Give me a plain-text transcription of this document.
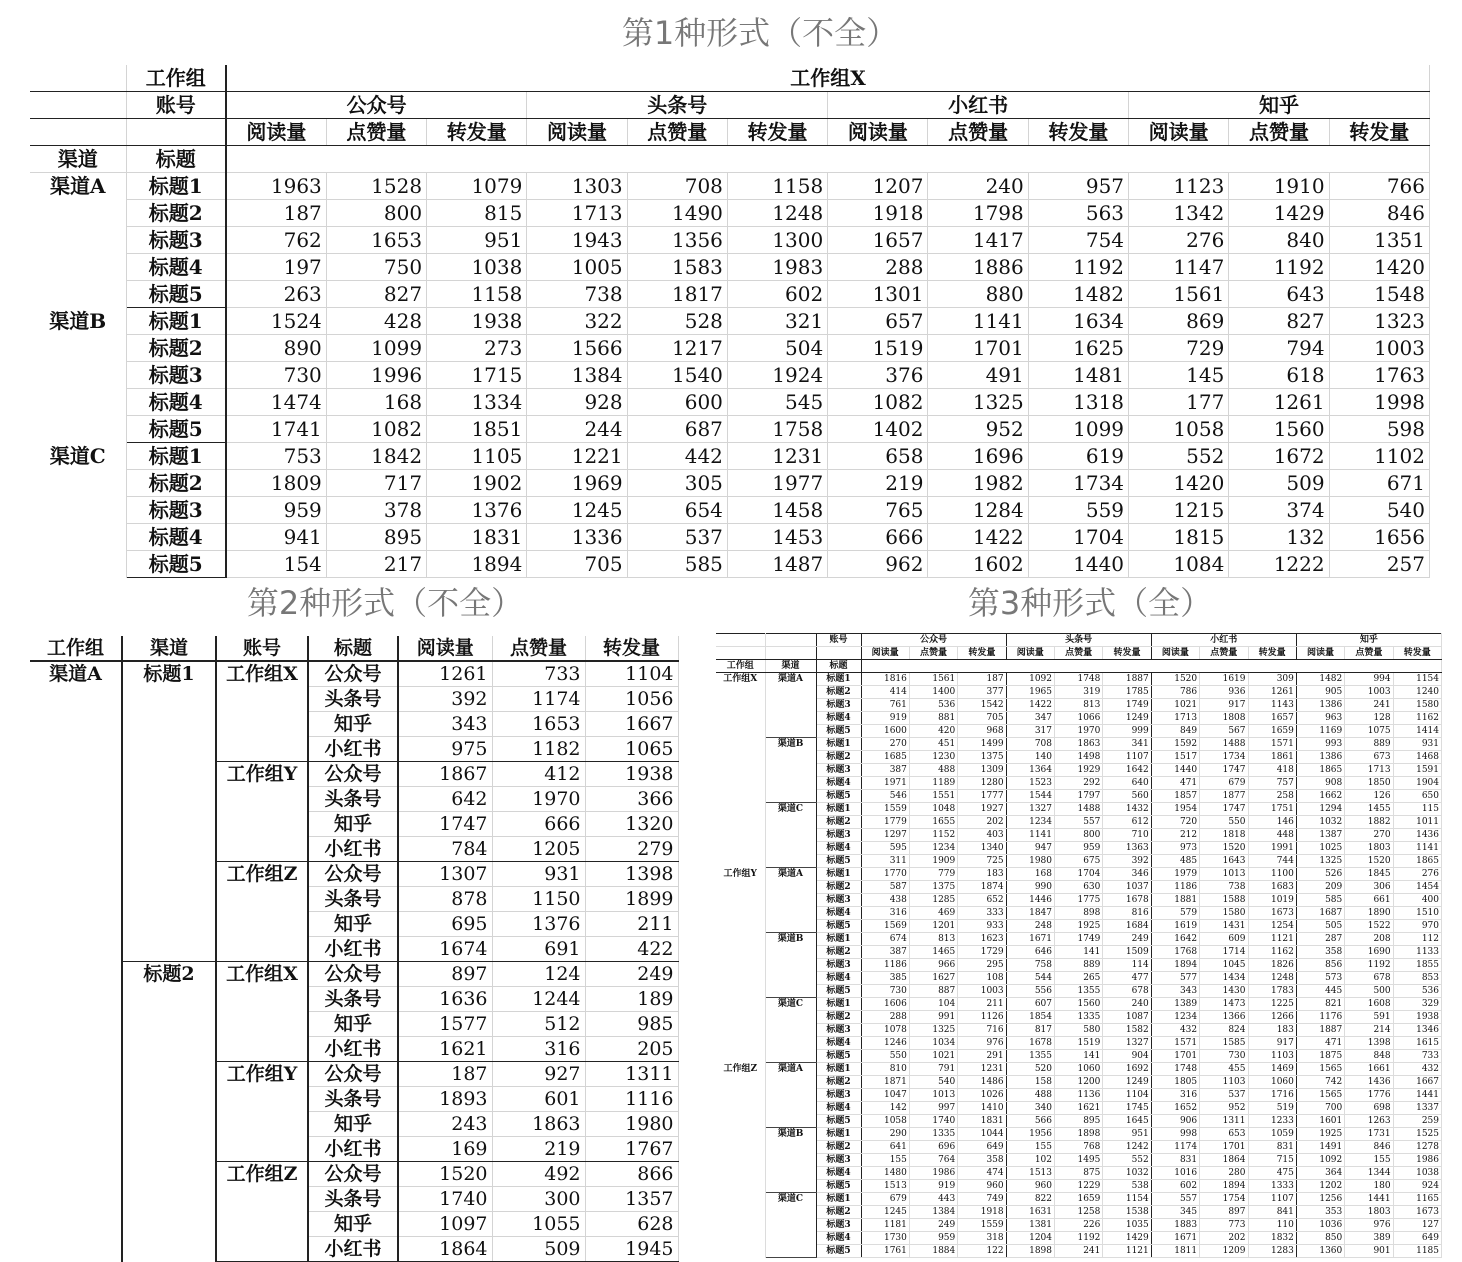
第1种形式（不全）
第2种形式（不全）	第3种形式（全）
	工作组	工作组X											
	账号	公众号			头条号			小红书			知乎		
		阅读量	点赞量	转发量	阅读量	点赞量	转发量	阅读量	点赞量	转发量	阅读量	点赞量	转发量
渠道	标题												
渠道A	标题1	1963	1528	1079	1303	708	1158	1207	240	957	1123	1910	766
	标题2	187	800	815	1713	1490	1248	1918	1798	563	1342	1429	846
	标题3	762	1653	951	1943	1356	1300	1657	1417	754	276	840	1351
	标题4	197	750	1038	1005	1583	1983	288	1886	1192	1147	1192	1420
	标题5	263	827	1158	738	1817	602	1301	880	1482	1561	643	1548
渠道B	标题1	1524	428	1938	322	528	321	657	1141	1634	869	827	1323
	标题2	890	1099	273	1566	1217	504	1519	1701	1625	729	794	1003
	标题3	730	1996	1715	1384	1540	1924	376	491	1481	145	618	1763
	标题4	1474	168	1334	928	600	545	1082	1325	1318	177	1261	1998
	标题5	1741	1082	1851	244	687	1758	1402	952	1099	1058	1560	598
渠道C	标题1	753	1842	1105	1221	442	1231	658	1696	619	552	1672	1102
	标题2	1809	717	1902	1969	305	1977	219	1982	1734	1420	509	671
	标题3	959	378	1376	1245	654	1458	765	1284	559	1215	374	540
	标题4	941	895	1831	1336	537	1453	666	1422	1704	1815	132	1656
	标题5	154	217	1894	705	585	1487	962	1602	1440	1084	1222	257
工作组	渠道	账号	标题	阅读量	点赞量	转发量
渠道A	标题1	工作组X	公众号	1261	733	1104
			头条号	392	1174	1056
			知乎	343	1653	1667
			小红书	975	1182	1065
		工作组Y	公众号	1867	412	1938
			头条号	642	1970	366
			知乎	1747	666	1320
			小红书	784	1205	279
		工作组Z	公众号	1307	931	1398
			头条号	878	1150	1899
			知乎	695	1376	211
			小红书	1674	691	422
	标题2	工作组X	公众号	897	124	249
			头条号	1636	1244	189
			知乎	1577	512	985
			小红书	1621	316	205
		工作组Y	公众号	187	927	1311
			头条号	1893	601	1116
			知乎	243	1863	1980
			小红书	169	219	1767
		工作组Z	公众号	1520	492	866
			头条号	1740	300	1357
			知乎	1097	1055	628
			小红书	1864	509	1945
		账号	公众号			头条号			小红书			知乎		
			阅读量	点赞量	转发量	阅读量	点赞量	转发量	阅读量	点赞量	转发量	阅读量	点赞量	转发量
工作组	渠道	标题												
工作组X	渠道A	标题1	1816	1561	187	1092	1748	1887	1520	1619	309	1482	994	1154
		标题2	414	1400	377	1965	319	1785	786	936	1261	905	1003	1240
		标题3	761	536	1542	1422	813	1749	1021	917	1143	1386	241	1580
		标题4	919	881	705	347	1066	1249	1713	1808	1657	963	128	1162
		标题5	1600	420	968	317	1970	999	849	567	1659	1169	1075	1414
	渠道B	标题1	270	451	1499	708	1863	341	1592	1488	1571	993	889	931
		标题2	1685	1230	1375	140	1498	1107	1517	1734	1861	1386	673	1468
		标题3	387	488	1309	1364	1929	1642	1440	1747	418	1865	1713	1591
		标题4	1971	1189	1280	1523	292	640	471	679	757	908	1850	1904
		标题5	546	1551	1777	1544	1797	560	1857	1877	258	1662	126	650
	渠道C	标题1	1559	1048	1927	1327	1488	1432	1954	1747	1751	1294	1455	115
		标题2	1779	1655	202	1234	557	612	720	550	146	1032	1882	1011
		标题3	1297	1152	403	1141	800	710	212	1818	448	1387	270	1436
		标题4	595	1234	1340	947	959	1363	973	1520	1991	1025	1803	1141
		标题5	311	1909	725	1980	675	392	485	1643	744	1325	1520	1865
工作组Y	渠道A	标题1	1770	779	183	168	1704	346	1979	1013	1100	526	1845	276
		标题2	587	1375	1874	990	630	1037	1186	738	1683	209	306	1454
		标题3	438	1285	652	1446	1775	1678	1881	1588	1019	585	661	400
		标题4	316	469	333	1847	898	816	579	1580	1673	1687	1890	1510
		标题5	1569	1201	933	248	1925	1684	1619	1431	1254	505	1522	970
	渠道B	标题1	674	813	1623	1671	1749	249	1642	609	1121	287	208	112
		标题2	387	1465	1729	646	141	1509	1768	1714	1162	358	1690	1133
		标题3	1186	966	295	758	889	114	1894	1045	1826	856	1192	1855
		标题4	385	1627	108	544	265	477	577	1434	1248	573	678	853
		标题5	730	887	1003	556	1355	678	343	1430	1783	445	500	536
	渠道C	标题1	1606	104	211	607	1560	240	1389	1473	1225	821	1608	329
		标题2	288	991	1126	1854	1335	1087	1234	1366	1266	1176	591	1938
		标题3	1078	1325	716	817	580	1582	432	824	183	1887	214	1346
		标题4	1246	1034	976	1678	1519	1327	1571	1585	917	471	1398	1615
		标题5	550	1021	291	1355	141	904	1701	730	1103	1875	848	733
工作组Z	渠道A	标题1	810	791	1231	520	1060	1692	1748	455	1469	1565	1661	432
		标题2	1871	540	1486	158	1200	1249	1805	1103	1060	742	1436	1667
		标题3	1047	1013	1026	488	1136	1104	316	537	1716	1565	1776	1441
		标题4	142	997	1410	340	1621	1745	1652	952	519	700	698	1337
		标题5	1058	1740	1831	566	895	1645	906	1311	1233	1601	1263	259
	渠道B	标题1	290	1335	1044	1956	1898	951	998	653	1059	1925	1731	1525
		标题2	641	696	649	155	768	1242	1174	1701	831	1491	846	1278
		标题3	155	764	358	102	1495	552	831	1864	715	1092	155	1986
		标题4	1480	1986	474	1513	875	1032	1016	280	475	364	1344	1038
		标题5	1513	919	960	960	1229	538	602	1894	1333	1202	180	924
	渠道C	标题1	679	443	749	822	1659	1154	557	1754	1107	1256	1441	1165
		标题2	1245	1384	1918	1631	1258	1538	345	897	841	353	1803	1673
		标题3	1181	249	1559	1381	226	1035	1883	773	110	1036	976	127
		标题4	1730	959	318	1204	1192	1429	1671	202	1832	850	389	649
		标题5	1761	1884	122	1898	241	1121	1811	1209	1283	1360	901	1185
